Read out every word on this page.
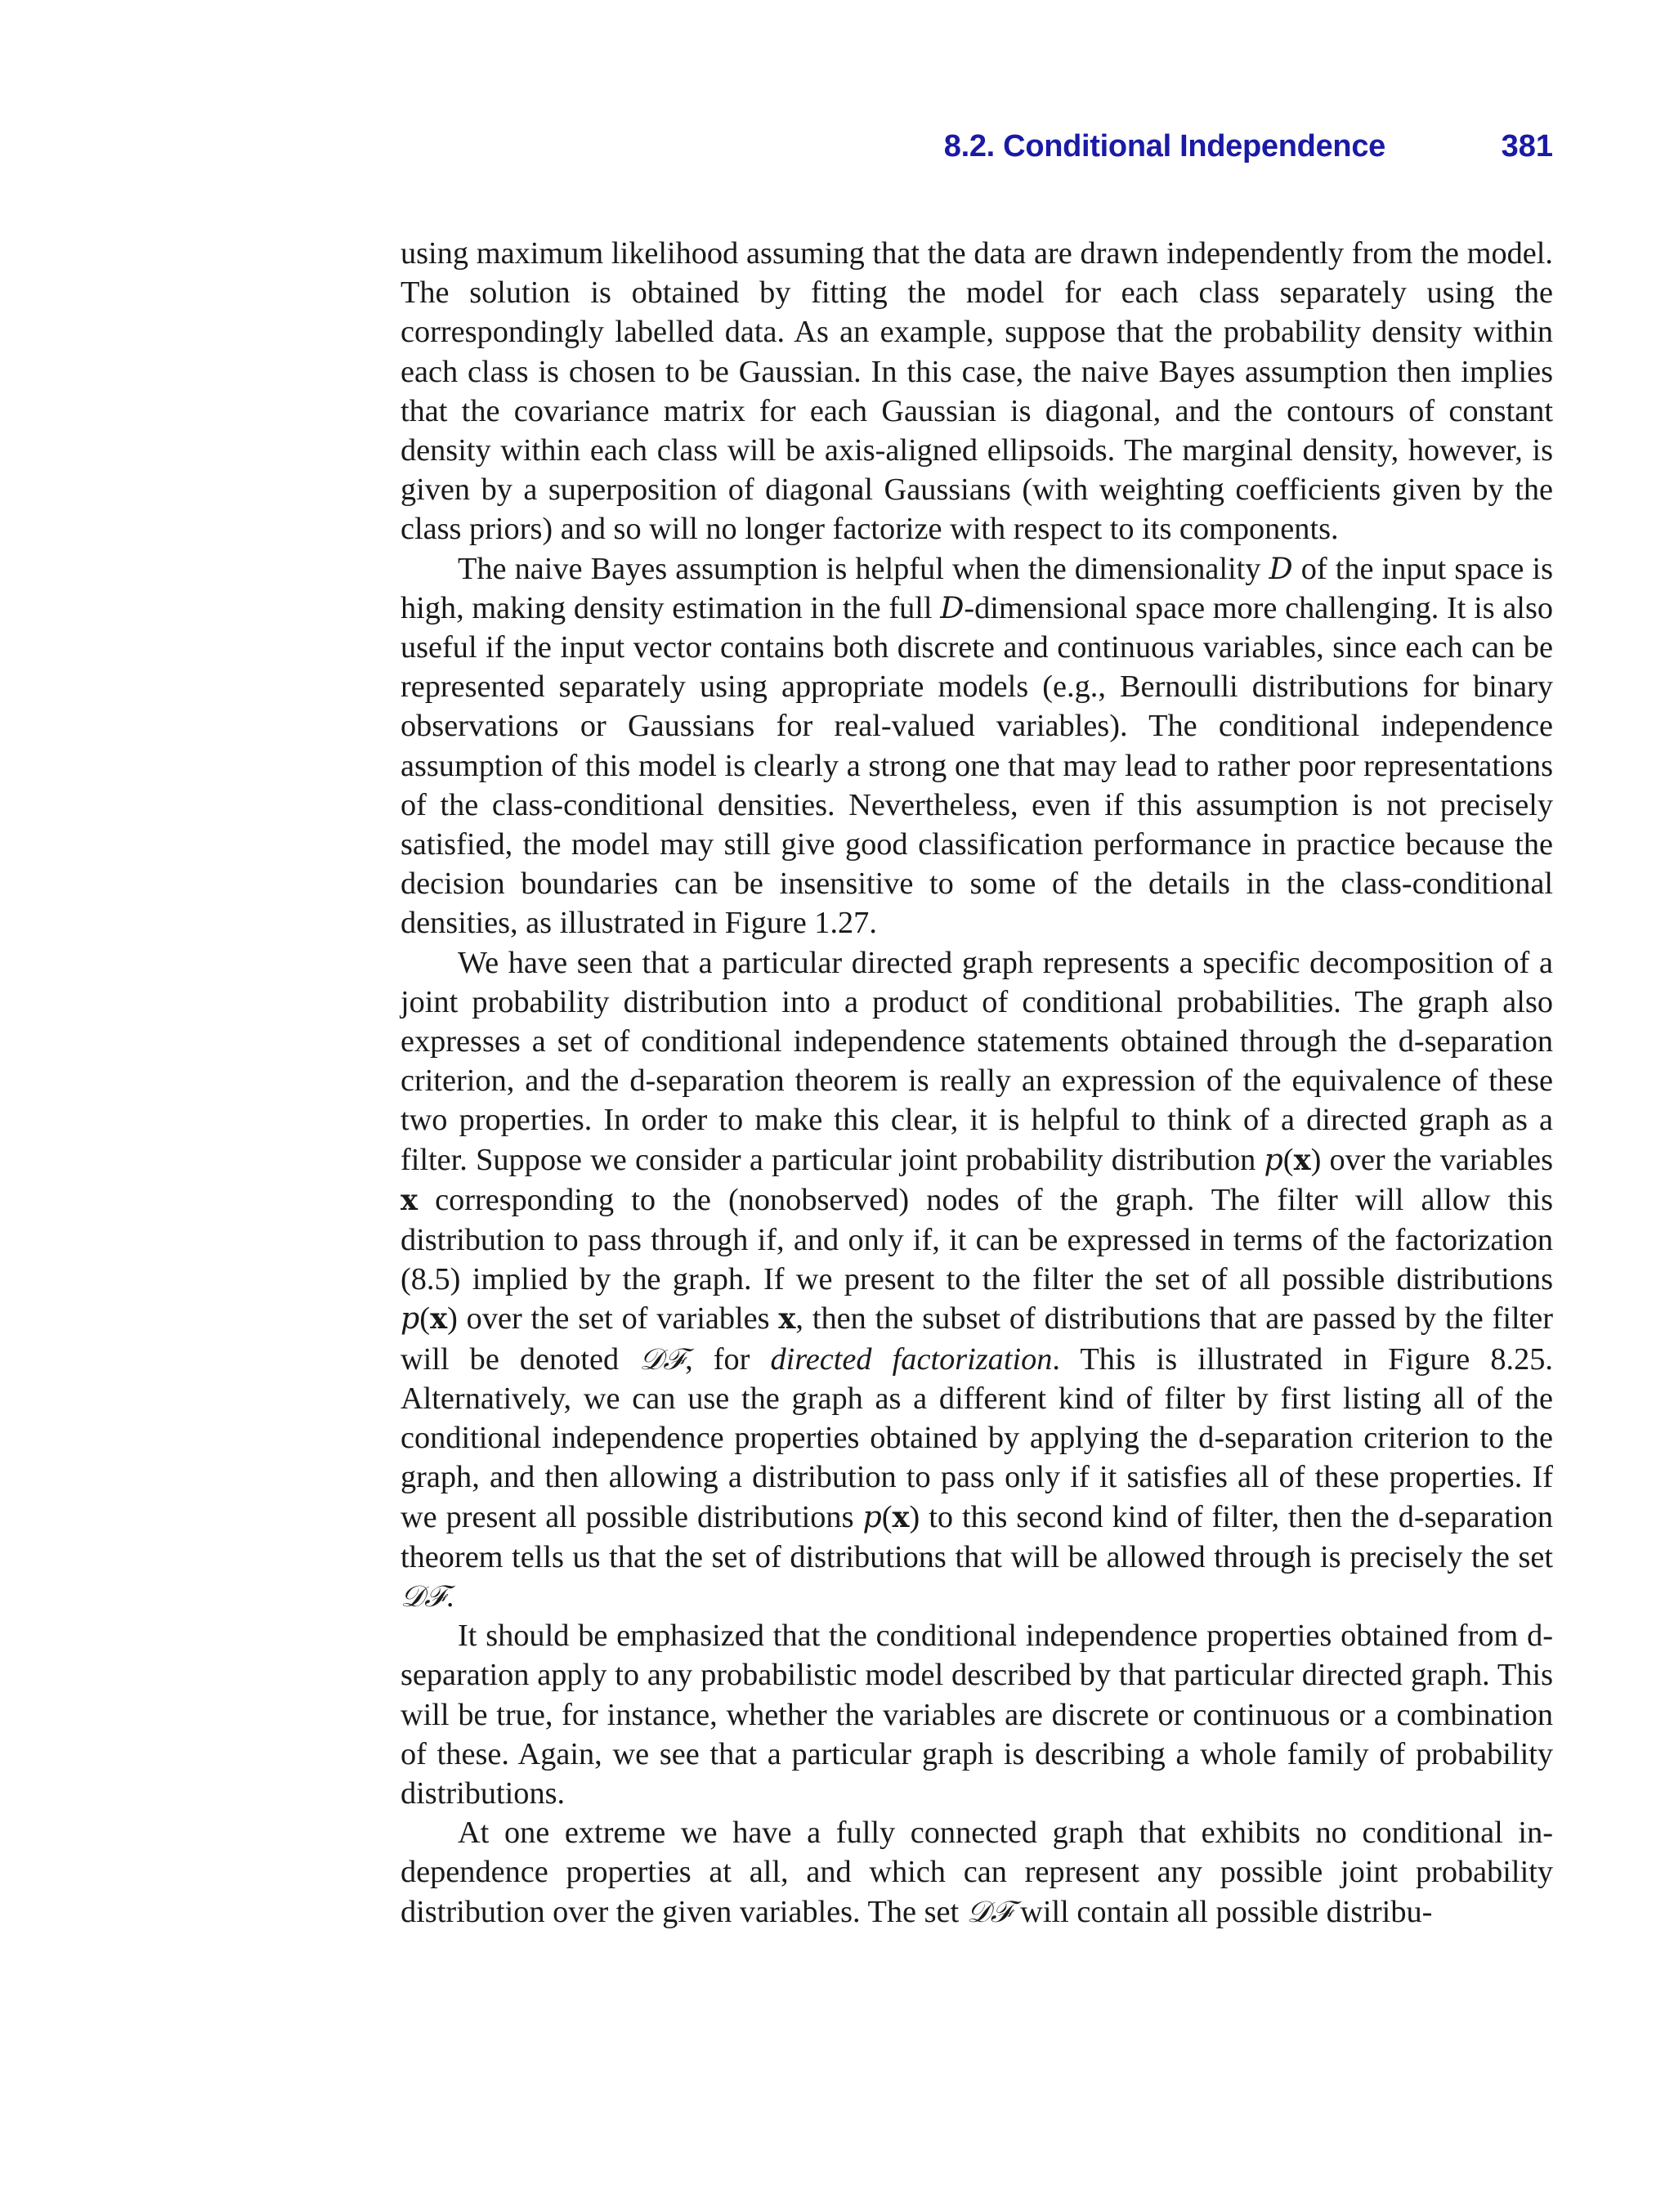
8.2. Conditional Independence	381

using maximum likelihood assuming that the data are drawn independently from the model. The solution is obtained by fitting the model for each class separately using the correspondingly labelled data. As an example, suppose that the probability density within each class is chosen to be Gaussian. In this case, the naive Bayes assumption then implies that the covariance matrix for each Gaussian is diagonal, and the contours of constant density within each class will be axis-aligned ellipsoids. The marginal density, however, is given by a superposition of diagonal Gaussians (with weighting coefficients given by the class priors) and so will no longer factorize with respect to its components.

The naive Bayes assumption is helpful when the dimensionality D of the input space is high, making density estimation in the full D-dimensional space more challenging. It is also useful if the input vector contains both discrete and continuous variables, since each can be represented separately using appropriate models (e.g., Bernoulli distributions for binary observations or Gaussians for real-valued variables). The conditional independence assumption of this model is clearly a strong one that may lead to rather poor representations of the class-conditional densities. Nevertheless, even if this assumption is not precisely satisfied, the model may still give good classification performance in practice because the decision boundaries can be insensitive to some of the details in the class-conditional densities, as illustrated in Figure 1.27.

We have seen that a particular directed graph represents a specific decomposition of a joint probability distribution into a product of conditional probabilities. The graph also expresses a set of conditional independence statements obtained through the d-separation criterion, and the d-separation theorem is really an expression of the equivalence of these two properties. In order to make this clear, it is helpful to think of a directed graph as a filter. Suppose we consider a particular joint probability distribution p(x) over the variables x corresponding to the (nonobserved) nodes of the graph. The filter will allow this distribution to pass through if, and only if, it can be expressed in terms of the factorization (8.5) implied by the graph. If we present to the filter the set of all possible distributions p(x) over the set of variables x, then the subset of distributions that are passed by the filter will be denoted 𝒟ℱ, for directed factorization. This is illustrated in Figure 8.25. Alternatively, we can use the graph as a different kind of filter by first listing all of the conditional independence properties obtained by applying the d-separation criterion to the graph, and then allowing a distribution to pass only if it satisfies all of these properties. If we present all possible distributions p(x) to this second kind of filter, then the d-separation theorem tells us that the set of distributions that will be allowed through is precisely the set 𝒟ℱ.

It should be emphasized that the conditional independence properties obtained from d-separation apply to any probabilistic model described by that particular directed graph. This will be true, for instance, whether the variables are discrete or continuous or a combination of these. Again, we see that a particular graph is describing a whole family of probability distributions.

At one extreme we have a fully connected graph that exhibits no conditional independence properties at all, and which can represent any possible joint probability distribution over the given variables. The set 𝒟ℱ will contain all possible distribu-
